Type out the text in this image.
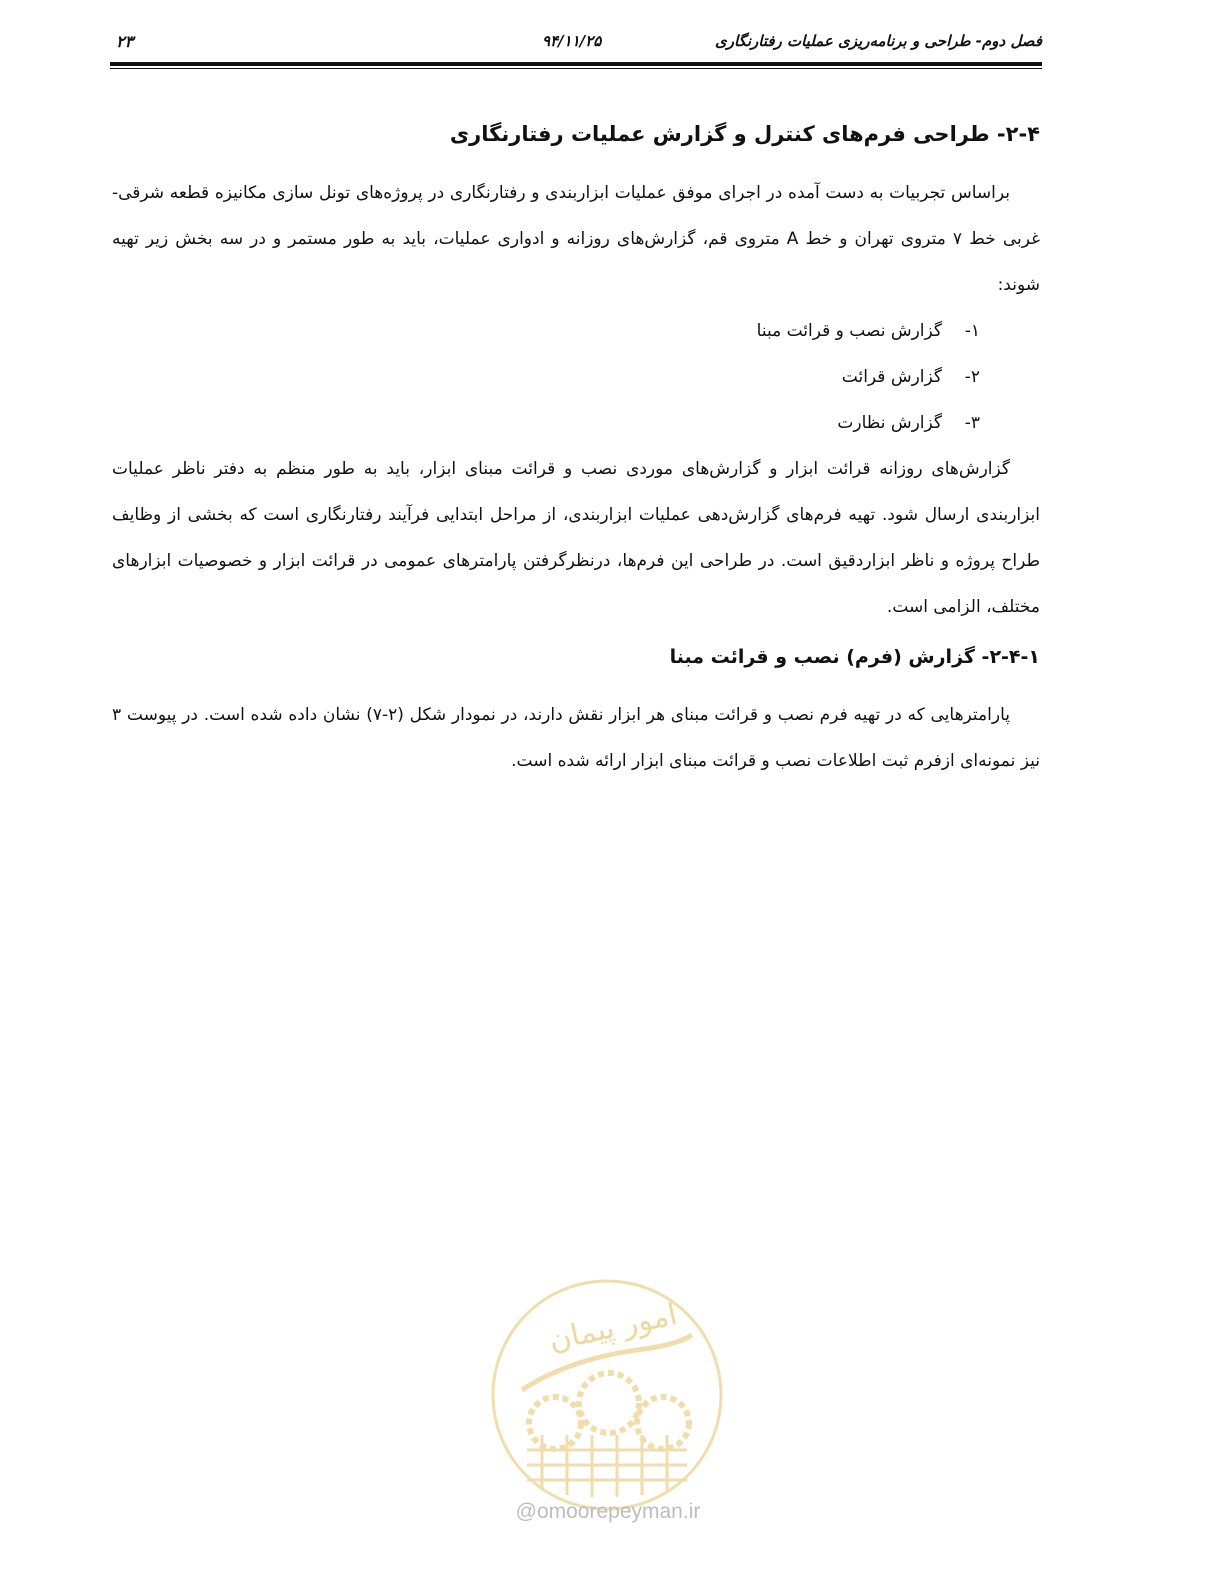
فصل دوم- طراحی و برنامه‌ریزی عملیات رفتارنگاری
۹۴/۱۱/۲۵
۲۳
۲-۴- طراحی فرم‌های کنترل و گزارش عملیات رفتارنگاری

براساس تجربیات به دست آمده در اجرای موفق عملیات ابزاربندی و رفتارنگاری در پروژه‌های تونل سازی مکانیزه قطعه شرقی- غربی خط ۷ متروی تهران و خط A متروی قم، گزارش‌های روزانه و ادواری عملیات، باید به طور مستمر و در سه بخش زیر تهیه شوند:

۱-گزارش نصب و قرائت مبنا
۲-گزارش قرائت
۳-گزارش نظارت

گزارش‌های روزانه قرائت ابزار و گزارش‌های موردی نصب و قرائت مبنای ابزار، باید به طور منظم به دفتر ناظر عملیات ابزاربندی ارسال شود. تهیه فرم‌های گزارش‌دهی عملیات ابزاربندی، از مراحل ابتدایی فرآیند رفتارنگاری است که بخشی از وظایف طراح پروژه و ناظر ابزاردقیق است. در طراحی این فرم‌ها، درنظرگرفتن پارامترهای عمومی در قرائت ابزار و خصوصیات ابزارهای مختلف، الزامی است.

۲-۴-۱- گزارش (فرم) نصب و قرائت مبنا

پارامترهایی که در تهیه فرم نصب و قرائت مبنای هر ابزار نقش دارند، در نمودار شکل (۲-۷) نشان داده شده است. در پیوست ۳ نیز نمونه‌ای ازفرم ثبت اطلاعات نصب و قرائت مبنای ابزار ارائه شده است.

امور پیمان
@omoorepeyman.ir
